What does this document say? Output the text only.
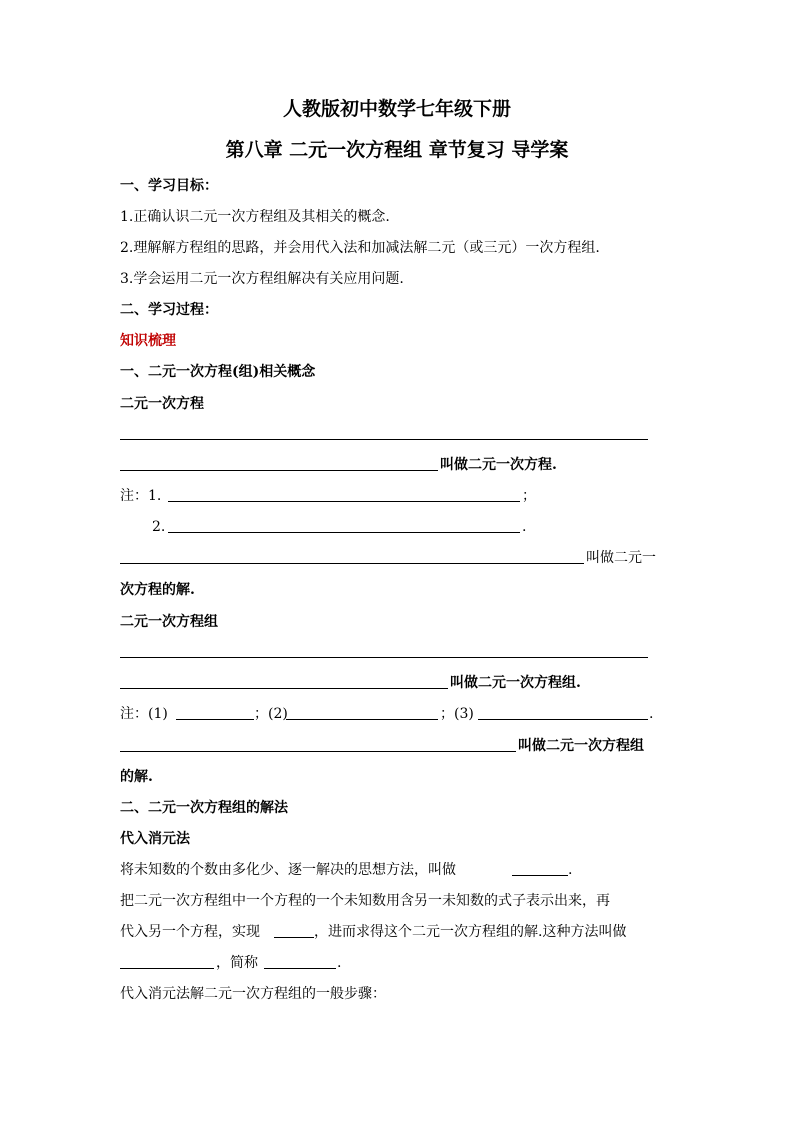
人教版初中数学七年级下册
第八章 二元一次方程组 章节复习 导学案
一、学习目标：
1.正确认识二元一次方程组及其相关的概念.
2.理解解方程组的思路，并会用代入法和加减法解二元（或三元）一次方程组.
3.学会运用二元一次方程组解决有关应用问题.
二、学习过程：
知识梳理
一、二元一次方程(组)相关概念
二元一次方程
叫做二元一次方程.
注：1.	；
2.	.
叫做二元一
次方程的解.
二元一次方程组
叫做二元一次方程组.
注：(1)	；(2)	；(3)	.
叫做二元一次方程组
的解.
二、二元一次方程组的解法
代入消元法
将未知数的个数由多化少、逐一解决的思想方法，叫做	.
把二元一次方程组中一个方程的一个未知数用含另一未知数的式子表示出来，再
代入另一个方程，实现	，进而求得这个二元一次方程组的解.这种方法叫做
，简称	.
代入消元法解二元一次方程组的一般步骤：
